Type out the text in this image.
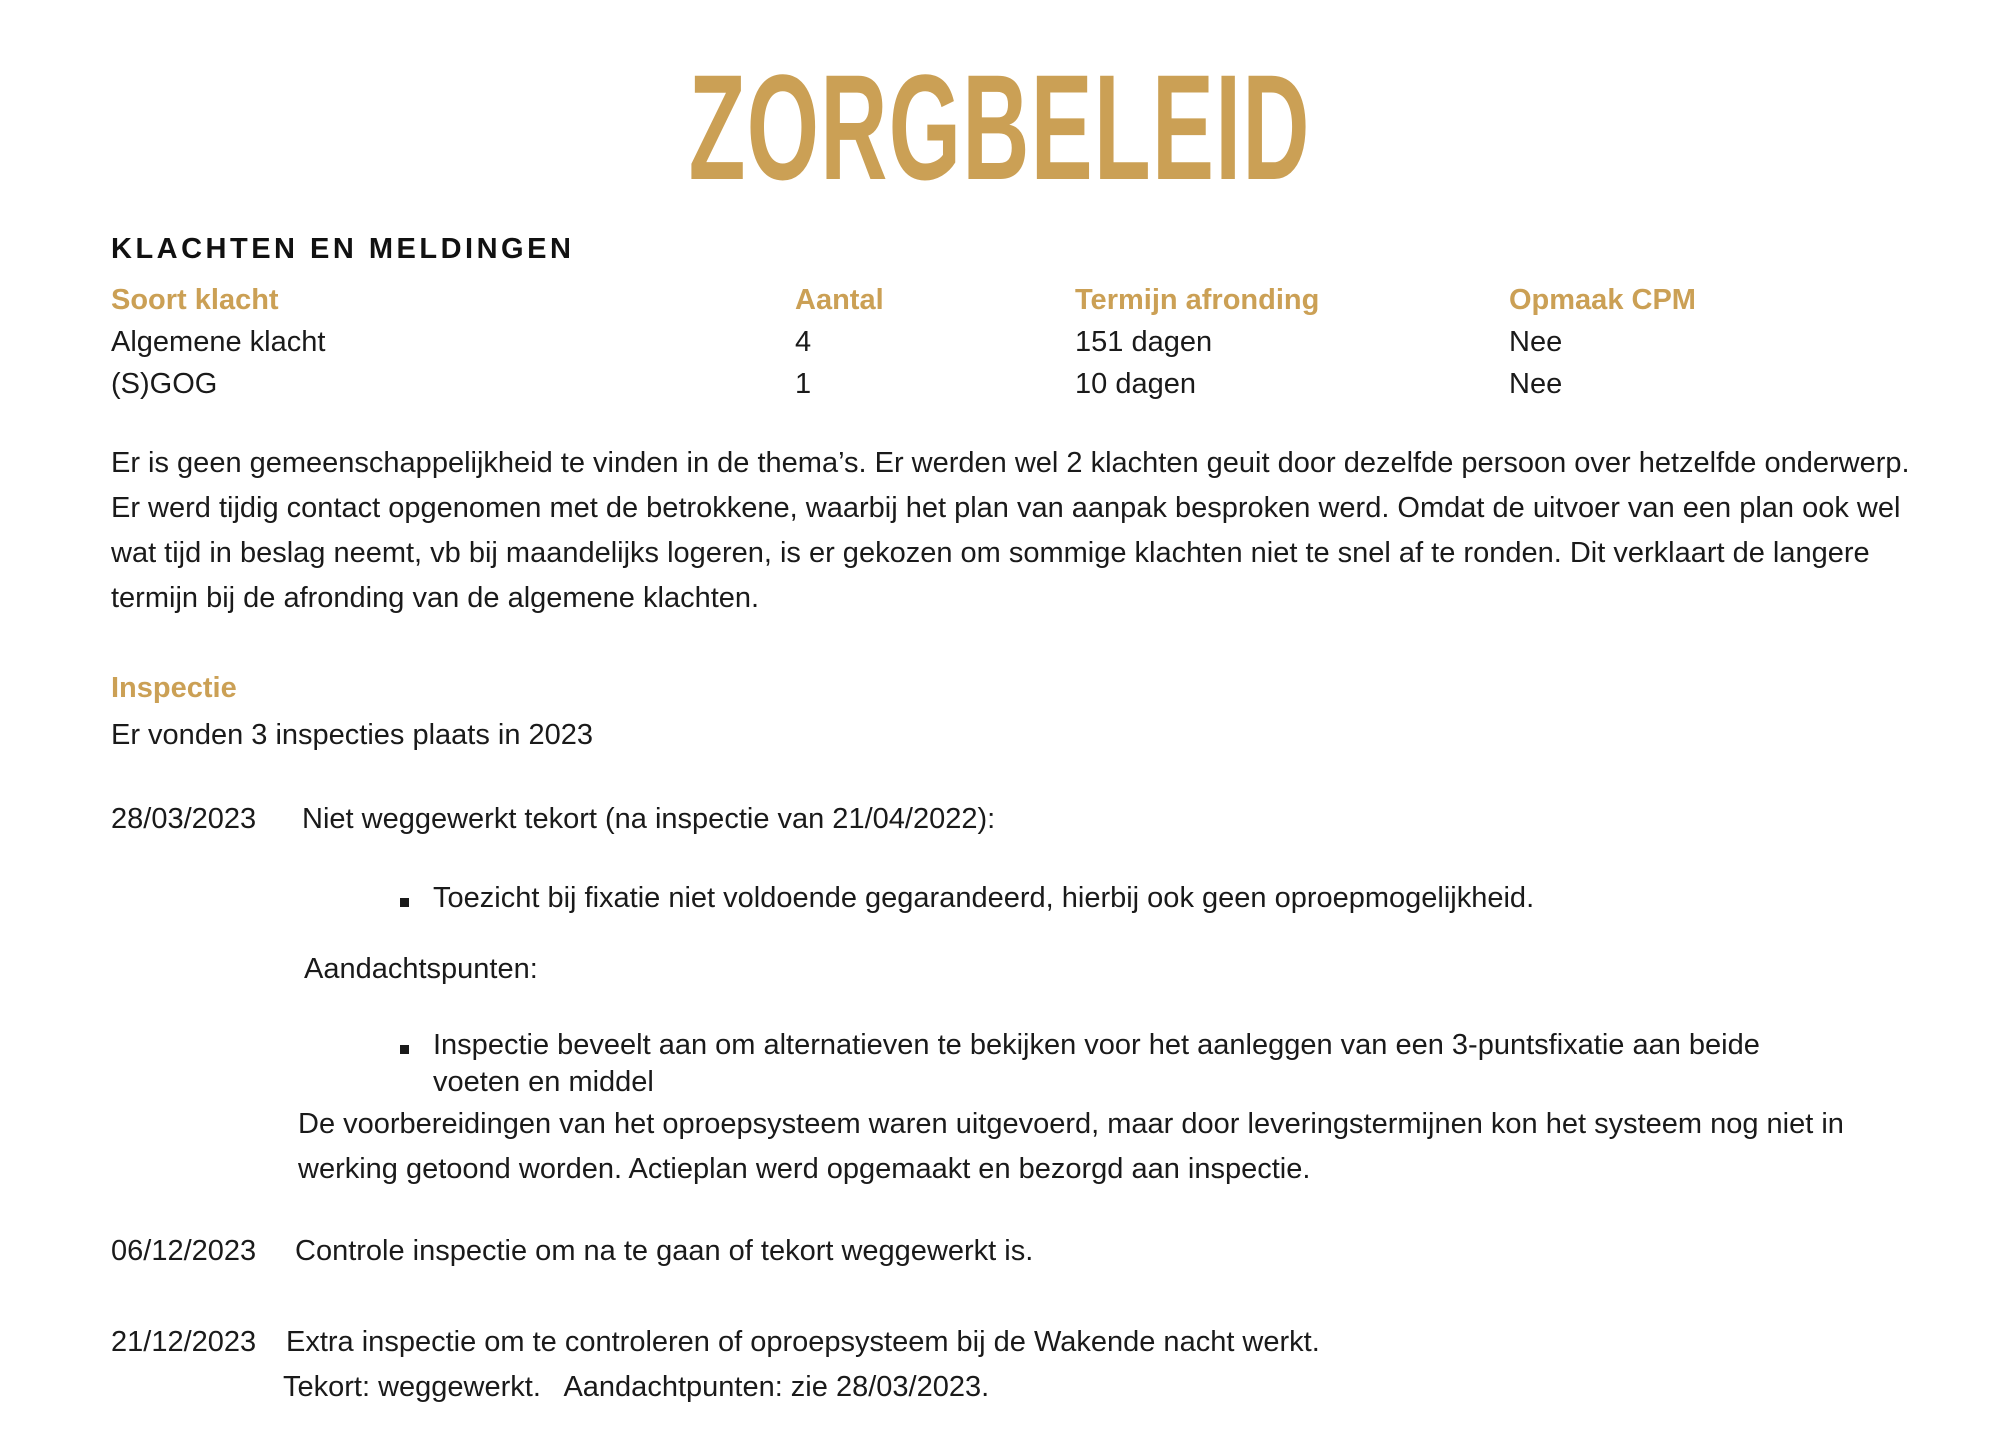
ZORGBELEID
KLACHTEN EN MELDINGEN
Soort klacht	Aantal	Termijn afronding	Opmaak CPM
Algemene klacht	4	151 dagen	Nee
(S)GOG	1	10 dagen	Nee
Er is geen gemeenschappelijkheid te vinden in de thema’s. Er werden wel 2 klachten geuit door dezelfde persoon over hetzelfde onderwerp. Er werd tijdig contact opgenomen met de betrokkene, waarbij het plan van aanpak besproken werd. Omdat de uitvoer van een plan ook wel wat tijd in beslag neemt, vb bij maandelijks logeren, is er gekozen om sommige klachten niet te snel af te ronden. Dit verklaart de langere termijn bij de afronding van de algemene klachten.
Inspectie
Er vonden 3 inspecties plaats in 2023
28/03/2023 Niet weggewerkt tekort (na inspectie van 21/04/2022):
Toezicht bij fixatie niet voldoende gegarandeerd, hierbij ook geen oproepmogelijkheid.
Aandachtspunten:
Inspectie beveelt aan om alternatieven te bekijken voor het aanleggen van een 3-puntsfixatie aan beide
voeten en middel
De voorbereidingen van het oproepsysteem waren uitgevoerd, maar door leveringstermijnen kon het systeem nog niet in werking getoond worden. Actieplan werd opgemaakt en bezorgd aan inspectie.
06/12/2023 Controle inspectie om na te gaan of tekort weggewerkt is.
21/12/2023 Extra inspectie om te controleren of oproepsysteem bij de Wakende nacht werkt.
Tekort: weggewerkt.   Aandachtpunten: zie 28/03/2023.
